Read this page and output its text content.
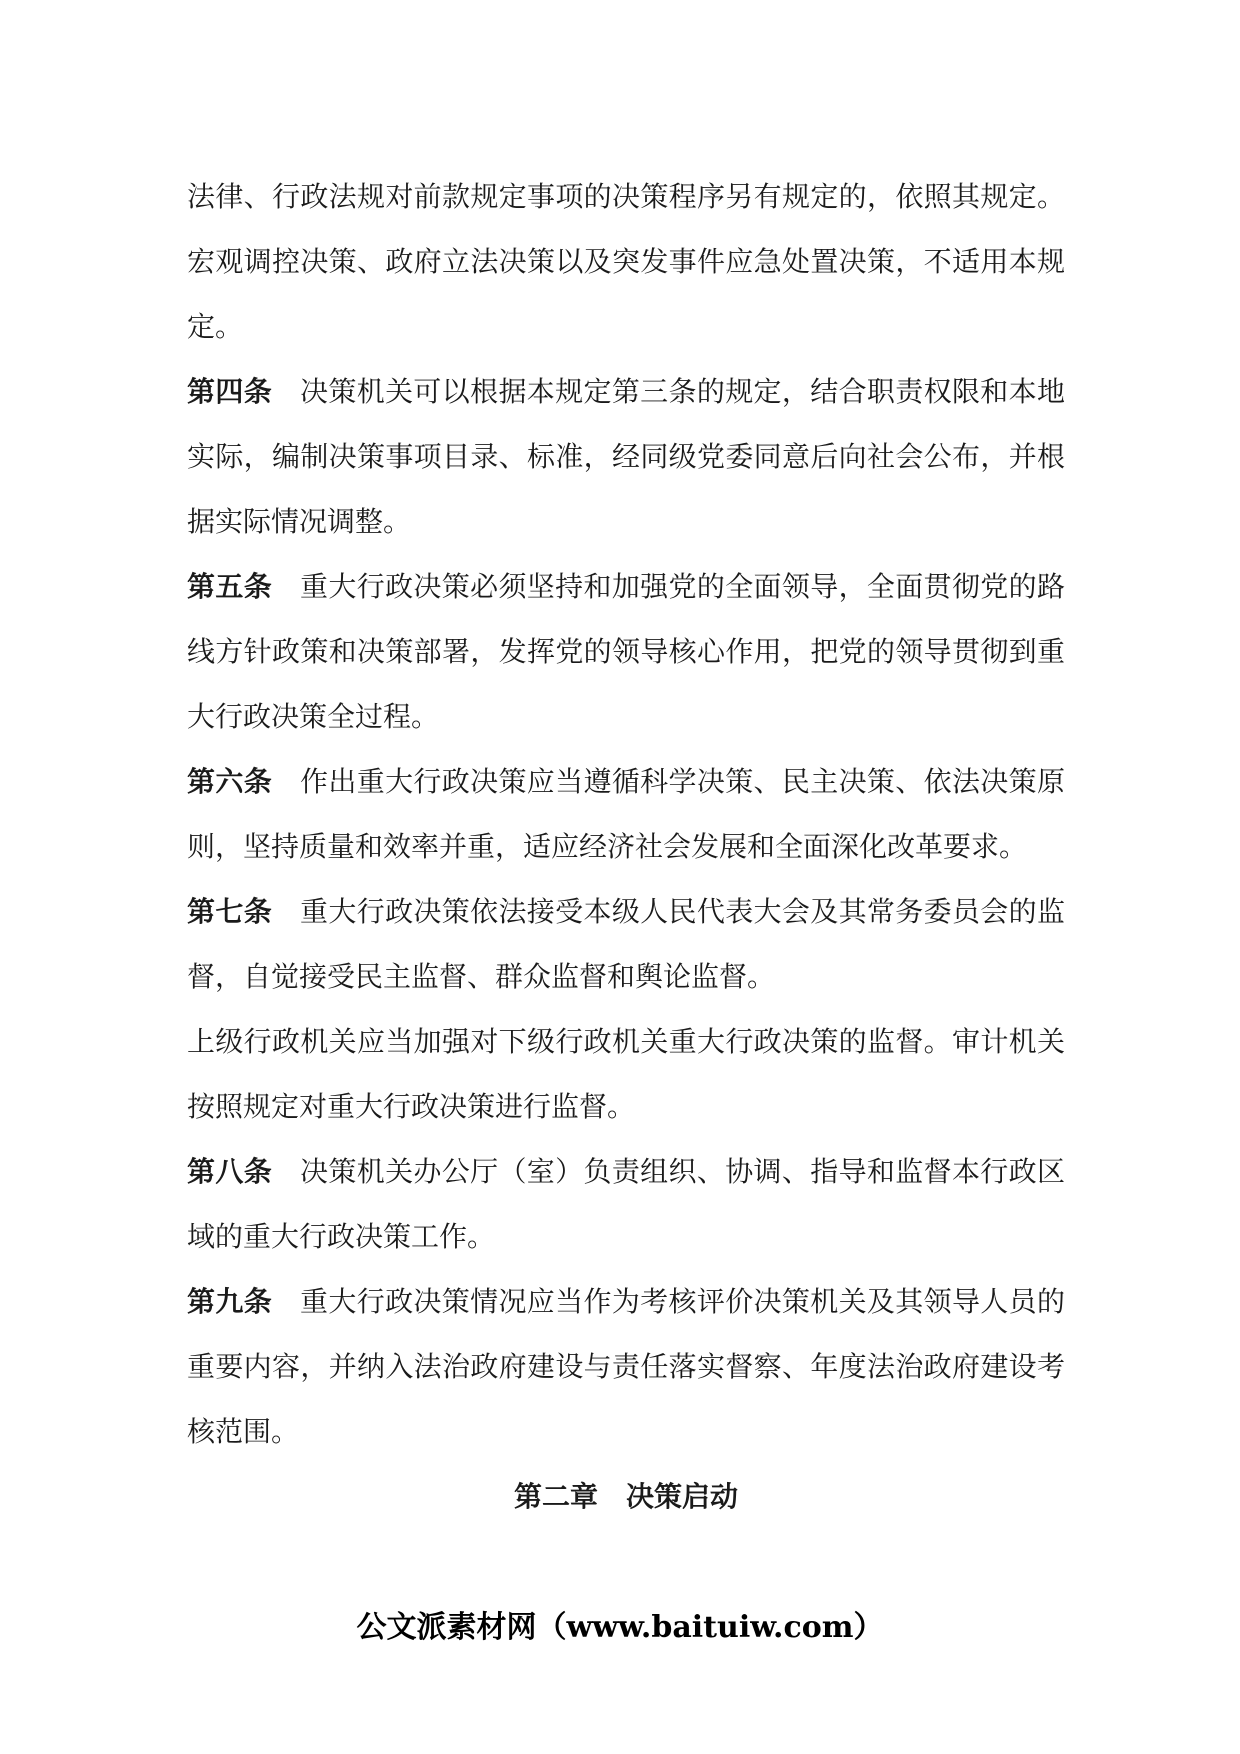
法律、行政法规对前款规定事项的决策程序另有规定的，依照其规定。宏观调控决策、政府立法决策以及突发事件应急处置决策，不适用本规定。

第四条 决策机关可以根据本规定第三条的规定，结合职责权限和本地实际，编制决策事项目录、标准，经同级党委同意后向社会公布，并根据实际情况调整。

第五条 重大行政决策必须坚持和加强党的全面领导，全面贯彻党的路线方针政策和决策部署，发挥党的领导核心作用，把党的领导贯彻到重大行政决策全过程。

第六条 作出重大行政决策应当遵循科学决策、民主决策、依法决策原则，坚持质量和效率并重，适应经济社会发展和全面深化改革要求。

第七条 重大行政决策依法接受本级人民代表大会及其常务委员会的监督，自觉接受民主监督、群众监督和舆论监督。

上级行政机关应当加强对下级行政机关重大行政决策的监督。审计机关按照规定对重大行政决策进行监督。

第八条 决策机关办公厅（室）负责组织、协调、指导和监督本行政区域的重大行政决策工作。

第九条 重大行政决策情况应当作为考核评价决策机关及其领导人员的重要内容，并纳入法治政府建设与责任落实督察、年度法治政府建设考核范围。

第二章 决策启动

公文派素材网（www.baituiw.com）
